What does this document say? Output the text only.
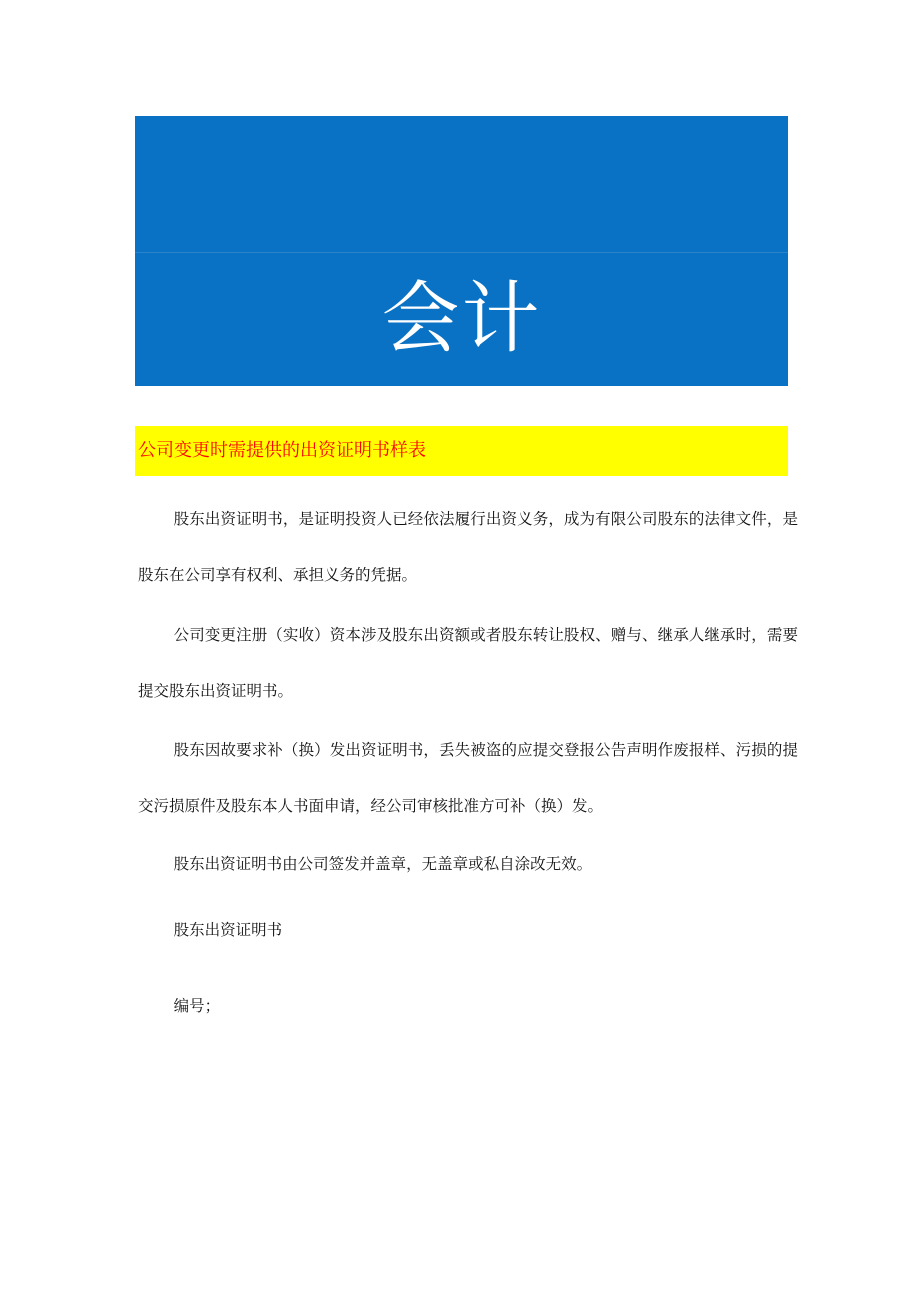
会计
公司变更时需提供的出资证明书样表

股东出资证明书，是证明投资人已经依法履行出资义务，成为有限公司股东的法律文件，是股东在公司享有权利、承担义务的凭据。

公司变更注册（实收）资本涉及股东出资额或者股东转让股权、赠与、继承人继承时，需要提交股东出资证明书。

股东因故要求补（换）发出资证明书，丢失被盗的应提交登报公告声明作废报样、污损的提交污损原件及股东本人书面申请，经公司审核批准方可补（换）发。

股东出资证明书由公司签发并盖章，无盖章或私自涂改无效。

股东出资证明书

编号；
